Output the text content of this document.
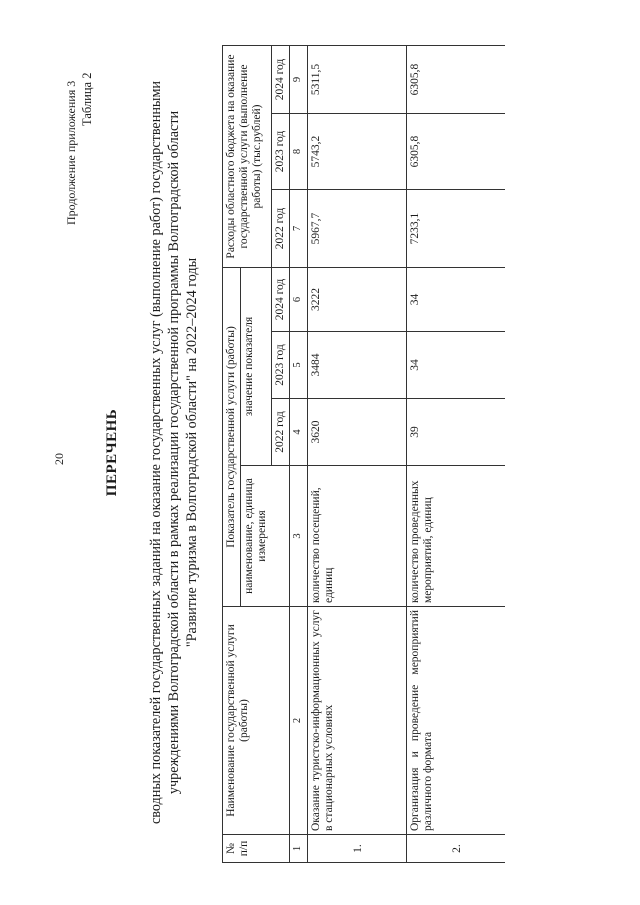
20
Продолжение приложения 3 Таблица 2
ПЕРЕЧЕНЬ сводных показателей государственных заданий на оказание государственных услуг (выполнение работ) государственными учреждениями Волгоградской области в рамках реализации государственной программы Волгоградской области "Развитие туризма в Волгоградской области" на 2022–2024 годы
№ п/п	Наименование государственной услуги (работы)	Показатель государственной услуги (работы)				Расходы областного бюджета на оказание государственной услуги (выполнение работы) (тыс.рублей)		
		наименование, единица измерения	значение показателя					
			2022 год	2023 год	2024 год	2022 год	2023 год	2024 год
1	2	3	4	5	6	7	8	9
1.	Оказание туристско-информационных услуг в стационарных условиях	количество посещений, единиц	3620	3484	3222	5967,7	5743,2	5311,5
2.	Организация и проведение мероприятий различного формата	количество проведенных мероприятий, единиц	39	34	34	7233,1	6305,8	6305,8
